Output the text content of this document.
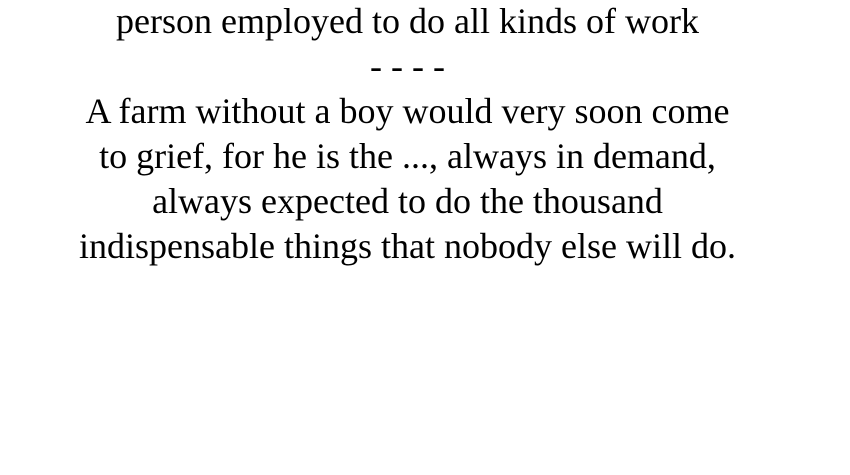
person employed to do all kinds of work

- - - -

A farm without a boy would very soon come
to grief, for he is the ..., always in demand,
always expected to do the thousand
indispensable things that nobody else will do.
